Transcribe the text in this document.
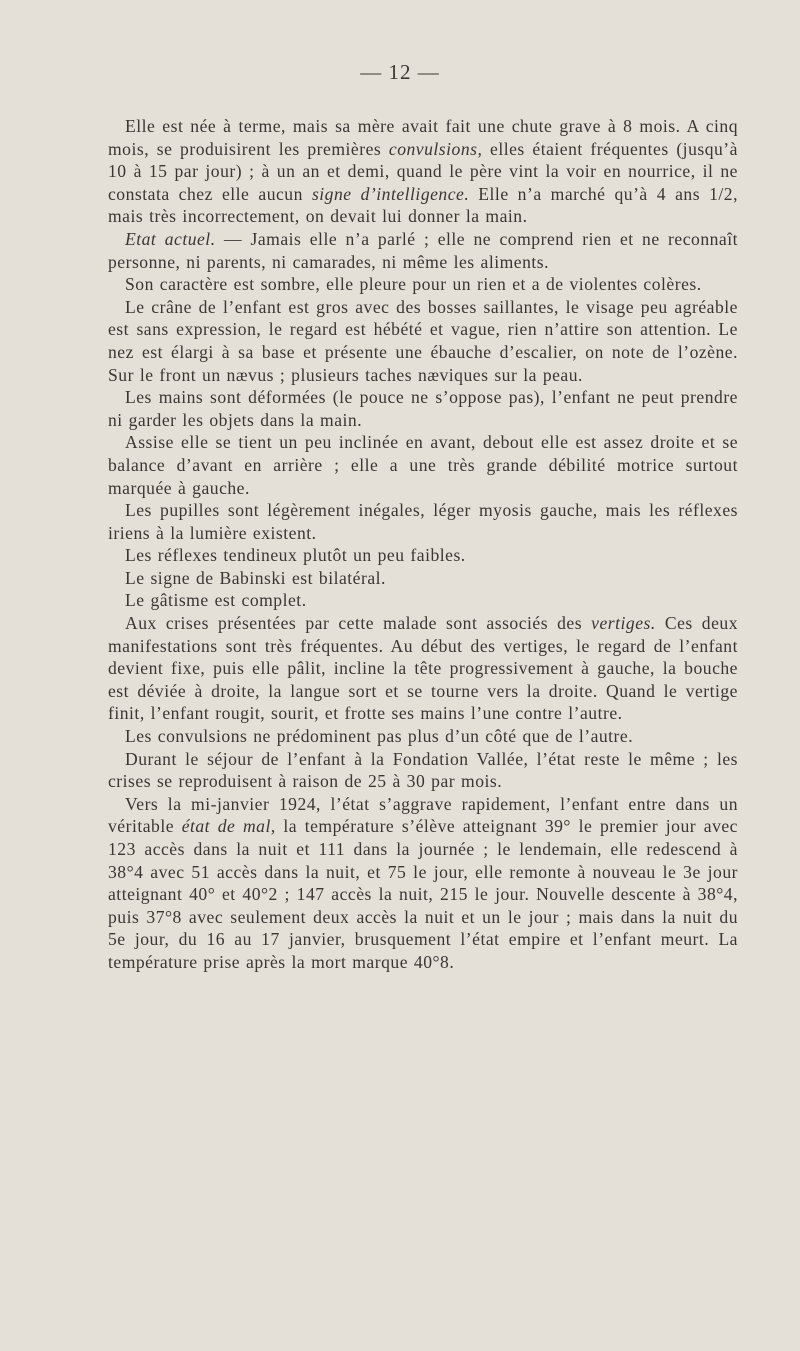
— 12 —

Elle est née à terme, mais sa mère avait fait une chute grave à 8 mois. A cinq mois, se produisirent les premières convulsions, elles étaient fréquentes (jusqu’à 10 à 15 par jour) ; à un an et demi, quand le père vint la voir en nourrice, il ne constata chez elle aucun signe d’intelligence. Elle n’a marché qu’à 4 ans 1/2, mais très incorrectement, on devait lui donner la main.

Etat actuel. — Jamais elle n’a parlé ; elle ne comprend rien et ne reconnaît personne, ni parents, ni camarades, ni même les aliments.

Son caractère est sombre, elle pleure pour un rien et a de violentes colères.

Le crâne de l’enfant est gros avec des bosses saillantes, le visage peu agréable est sans expression, le regard est hébété et vague, rien n’attire son attention. Le nez est élargi à sa base et présente une ébauche d’escalier, on note de l’ozène. Sur le front un nævus ; plusieurs taches næviques sur la peau.

Les mains sont déformées (le pouce ne s’oppose pas), l’enfant ne peut prendre ni garder les objets dans la main.

Assise elle se tient un peu inclinée en avant, debout elle est assez droite et se balance d’avant en arrière ; elle a une très grande débilité motrice surtout marquée à gauche.

Les pupilles sont légèrement inégales, léger myosis gauche, mais les réflexes iriens à la lumière existent.

Les réflexes tendineux plutôt un peu faibles.

Le signe de Babinski est bilatéral.

Le gâtisme est complet.

Aux crises présentées par cette malade sont associés des vertiges. Ces deux manifestations sont très fréquentes. Au début des vertiges, le regard de l’enfant devient fixe, puis elle pâlit, incline la tête progressivement à gauche, la bouche est déviée à droite, la langue sort et se tourne vers la droite. Quand le vertige finit, l’enfant rougit, sourit, et frotte ses mains l’une contre l’autre.

Les convulsions ne prédominent pas plus d’un côté que de l’autre.

Durant le séjour de l’enfant à la Fondation Vallée, l’état reste le même ; les crises se reproduisent à raison de 25 à 30 par mois.

Vers la mi-janvier 1924, l’état s’aggrave rapidement, l’enfant entre dans un véritable état de mal, la température s’élève atteignant 39° le premier jour avec 123 accès dans la nuit et 111 dans la journée ; le lendemain, elle redescend à 38°4 avec 51 accès dans la nuit, et 75 le jour, elle remonte à nouveau le 3e jour atteignant 40° et 40°2 ; 147 accès la nuit, 215 le jour. Nouvelle descente à 38°4, puis 37°8 avec seulement deux accès la nuit et un le jour ; mais dans la nuit du 5e jour, du 16 au 17 janvier, brusquement l’état empire et l’enfant meurt. La température prise après la mort marque 40°8.
